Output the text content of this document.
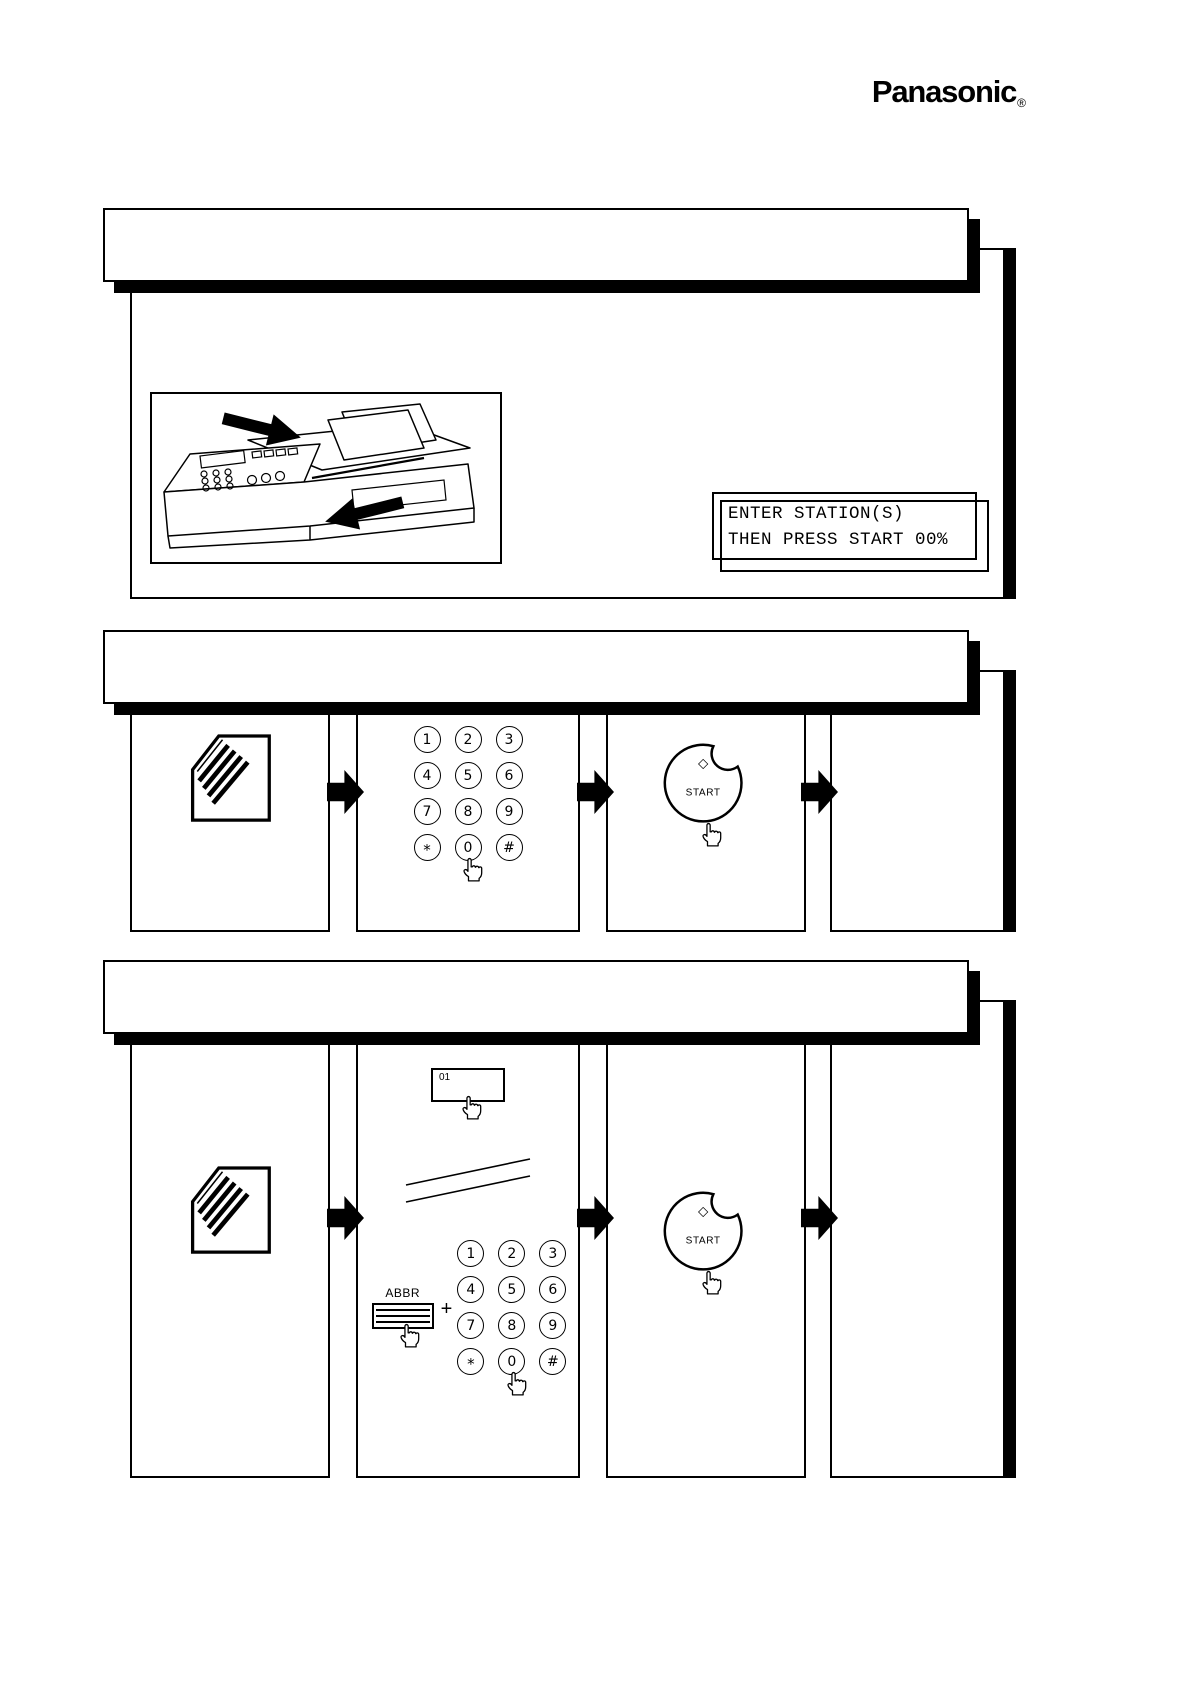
Panasonic$_®$
ENTER STATION(S)
THEN PRESS START 00%
1	2	3
4	5	6
7	8	9
*	0	#
◇
START
01
ABBR
+
1	2	3
4	5	6
7	8	9
*	0	#
◇
START
